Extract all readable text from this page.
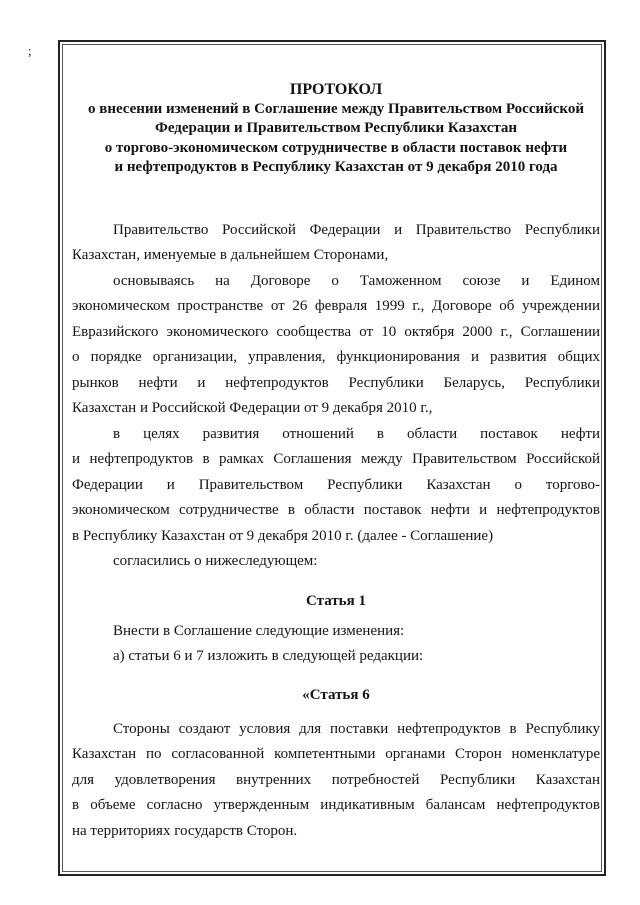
;
ПРОТОКОЛ
о внесении изменений в Соглашение между Правительством Российской
Федерации и Правительством Республики Казахстан
о торгово-экономическом сотрудничестве в области поставок нефти
и нефтепродуктов в Республику Казахстан от 9 декабря 2010 года
Правительство Российской Федерации и Правительство Республики
Казахстан, именуемые в дальнейшем Сторонами,
основываясь на Договоре о Таможенном союзе и Едином
экономическом пространстве от 26 февраля 1999 г., Договоре об учреждении
Евразийского экономического сообщества от 10 октября 2000 г., Соглашении
о порядке организации, управления, функционирования и развития общих
рынков нефти и нефтепродуктов Республики Беларусь, Республики
Казахстан и Российской Федерации от 9 декабря 2010 г.,
в целях развития отношений в области поставок нефти
и нефтепродуктов в рамках Соглашения между Правительством Российской
Федерации и Правительством Республики Казахстан о торгово-
экономическом сотрудничестве в области поставок нефти и нефтепродуктов
в Республику Казахстан от 9 декабря 2010 г. (далее - Соглашение)
согласились о нижеследующем:
Статья 1
Внести в Соглашение следующие изменения:
а) статьи 6 и 7 изложить в следующей редакции:
«Статья 6
Стороны создают условия для поставки нефтепродуктов в Республику
Казахстан по согласованной компетентными органами Сторон номенклатуре
для удовлетворения внутренних потребностей Республики Казахстан
в объеме согласно утвержденным индикативным балансам нефтепродуктов
на территориях государств Сторон.
